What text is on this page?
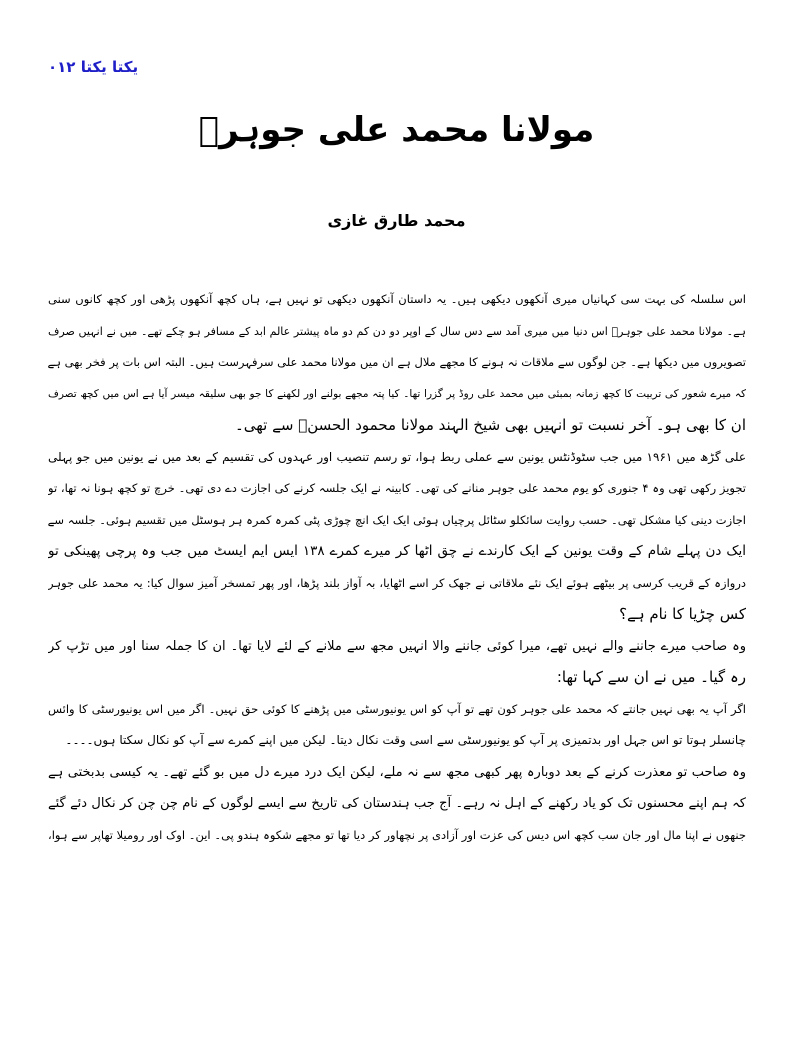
یکتا یکتا ۰۱۲
مولانا محمد علی جوہرؒ
محمد طارق غازی
اس سلسلہ کی بہت سی کہانیاں میری آنکھوں دیکھی ہیں۔ یہ داستان آنکھوں دیکھی تو نہیں ہے، ہاں کچھ آنکھوں پڑھی اور کچھ کانوں سنی
ہے۔ مولانا محمد علی جوہرؒ اس دنیا میں میری آمد سے دس سال کے اوپر دو دن کم دو ماہ پیشتر عالم ابد کے مسافر ہو چکے تھے۔ میں نے انہیں صرف
تصویروں میں دیکھا ہے۔ جن لوگوں سے ملاقات نہ ہونے کا مجھے ملال ہے ان میں مولانا محمد علی سرفہرست ہیں۔ البتہ اس بات پر فخر بھی ہے
کہ میرے شعور کی تربیت کا کچھ زمانہ بمبئی میں محمد علی روڈ پر گزرا تھا۔ کیا پتہ مجھے بولنے اور لکھنے کا جو بھی سلیقہ میسر آیا ہے اس میں کچھ تصرف
ان کا بھی ہو۔ آخر نسبت تو انہیں بھی شیخ الہند مولانا محمود الحسنؒ سے تھی۔
علی گڑھ میں ۱۹۶۱ میں جب سٹوڈنٹس یونین سے عملی ربط ہوا، تو رسم تنصیب اور عہدوں کی تقسیم کے بعد میں نے یونین میں جو پہلی
تجویز رکھی تھی وہ ۴ جنوری کو یوم محمد علی جوہر منانے کی تھی۔ کابینہ نے ایک جلسہ کرنے کی اجازت دے دی تھی۔ خرچ تو کچھ ہونا نہ تھا، تو
اجازت دینی کیا مشکل تھی۔ حسب روایت سائکلو سٹائل پرچیاں ہوئی ایک ایک انچ چوڑی پٹی کمرہ کمرہ ہر ہوسٹل میں تقسیم ہوئی۔ جلسہ سے
ایک دن پہلے شام کے وقت یونین کے ایک کارندے نے چق اٹھا کر میرے کمرے ۱۳۸ ایس ایم ایسٹ میں جب وہ پرچی پھینکی تو
دروازہ کے قریب کرسی پر بیٹھے ہوئے ایک نئے ملاقاتی نے جھک کر اسے اٹھایا، بہ آواز بلند پڑھا، اور پھر تمسخر آمیز سوال کیا: یہ محمد علی جوہر
کس چڑیا کا نام ہے؟
وہ صاحب میرے جاننے والے نہیں تھے، میرا کوئی جاننے والا انہیں مجھ سے ملانے کے لئے لایا تھا۔ ان کا جملہ سنا اور میں تڑپ کر
رہ گیا۔ میں نے ان سے کہا تھا:
اگر آپ یہ بھی نہیں جانتے کہ محمد علی جوہر کون تھے تو آپ کو اس یونیورسٹی میں پڑھنے کا کوئی حق نہیں۔ اگر میں اس یونیورسٹی کا وائس
چانسلر ہوتا تو اس جہل اور بدتمیزی پر آپ کو یونیورسٹی سے اسی وقت نکال دیتا۔ لیکن میں اپنے کمرے سے آپ کو نکال سکتا ہوں۔۔۔۔
وہ صاحب تو معذرت کرنے کے بعد دوبارہ پھر کبھی مجھ سے نہ ملے، لیکن ایک درد میرے دل میں بو گئے تھے۔ یہ کیسی بدبختی ہے
کہ ہم اپنے محسنوں تک کو یاد رکھنے کے اہل نہ رہے۔ آج جب ہندستان کی تاریخ سے ایسے لوگوں کے نام چن چن کر نکال دئے گئے
جنھوں نے اپنا مال اور جان سب کچھ اس دیس کی عزت اور آزادی پر نچھاور کر دیا تھا تو مجھے شکوہ ہندو پی۔ این۔ اوک اور رومیلا تھاپر سے ہوا،
